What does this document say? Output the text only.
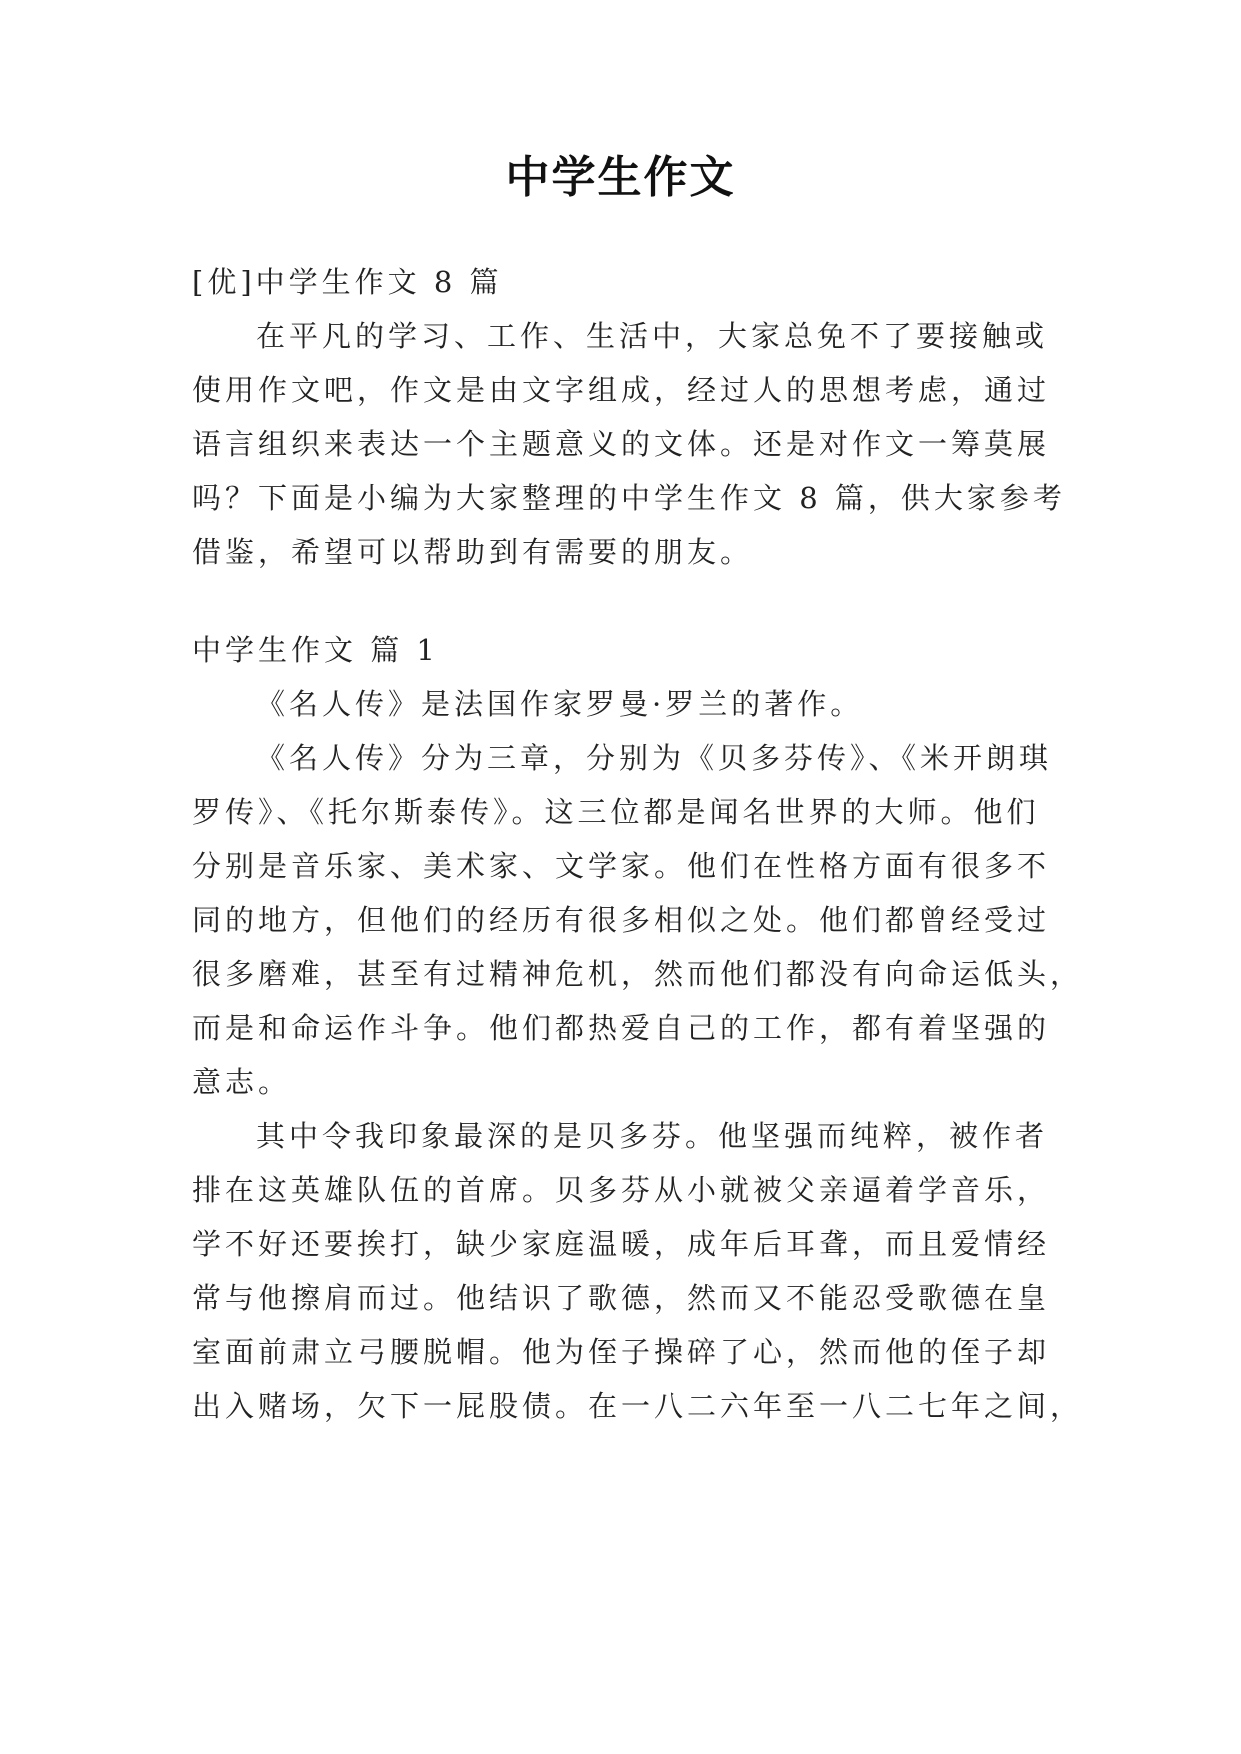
中学生作文
[优]中学生作文 8 篇
在平凡的学习、工作、生活中，大家总免不了要接触或
使用作文吧，作文是由文字组成，经过人的思想考虑，通过
语言组织来表达一个主题意义的文体。还是对作文一筹莫展
吗？下面是小编为大家整理的中学生作文 8 篇，供大家参考
借鉴，希望可以帮助到有需要的朋友。
中学生作文 篇 1
《名人传》是法国作家罗曼·罗兰的著作。
《名人传》分为三章，分别为《贝多芬传》、《米开朗琪
罗传》、《托尔斯泰传》。这三位都是闻名世界的大师。他们
分别是音乐家、美术家、文学家。他们在性格方面有很多不
同的地方，但他们的经历有很多相似之处。他们都曾经受过
很多磨难，甚至有过精神危机，然而他们都没有向命运低头，
而是和命运作斗争。他们都热爱自己的工作，都有着坚强的
意志。
其中令我印象最深的是贝多芬。他坚强而纯粹，被作者
排在这英雄队伍的首席。贝多芬从小就被父亲逼着学音乐，
学不好还要挨打，缺少家庭温暖，成年后耳聋，而且爱情经
常与他擦肩而过。他结识了歌德，然而又不能忍受歌德在皇
室面前肃立弓腰脱帽。他为侄子操碎了心，然而他的侄子却
出入赌场，欠下一屁股债。在一八二六年至一八二七年之间，
